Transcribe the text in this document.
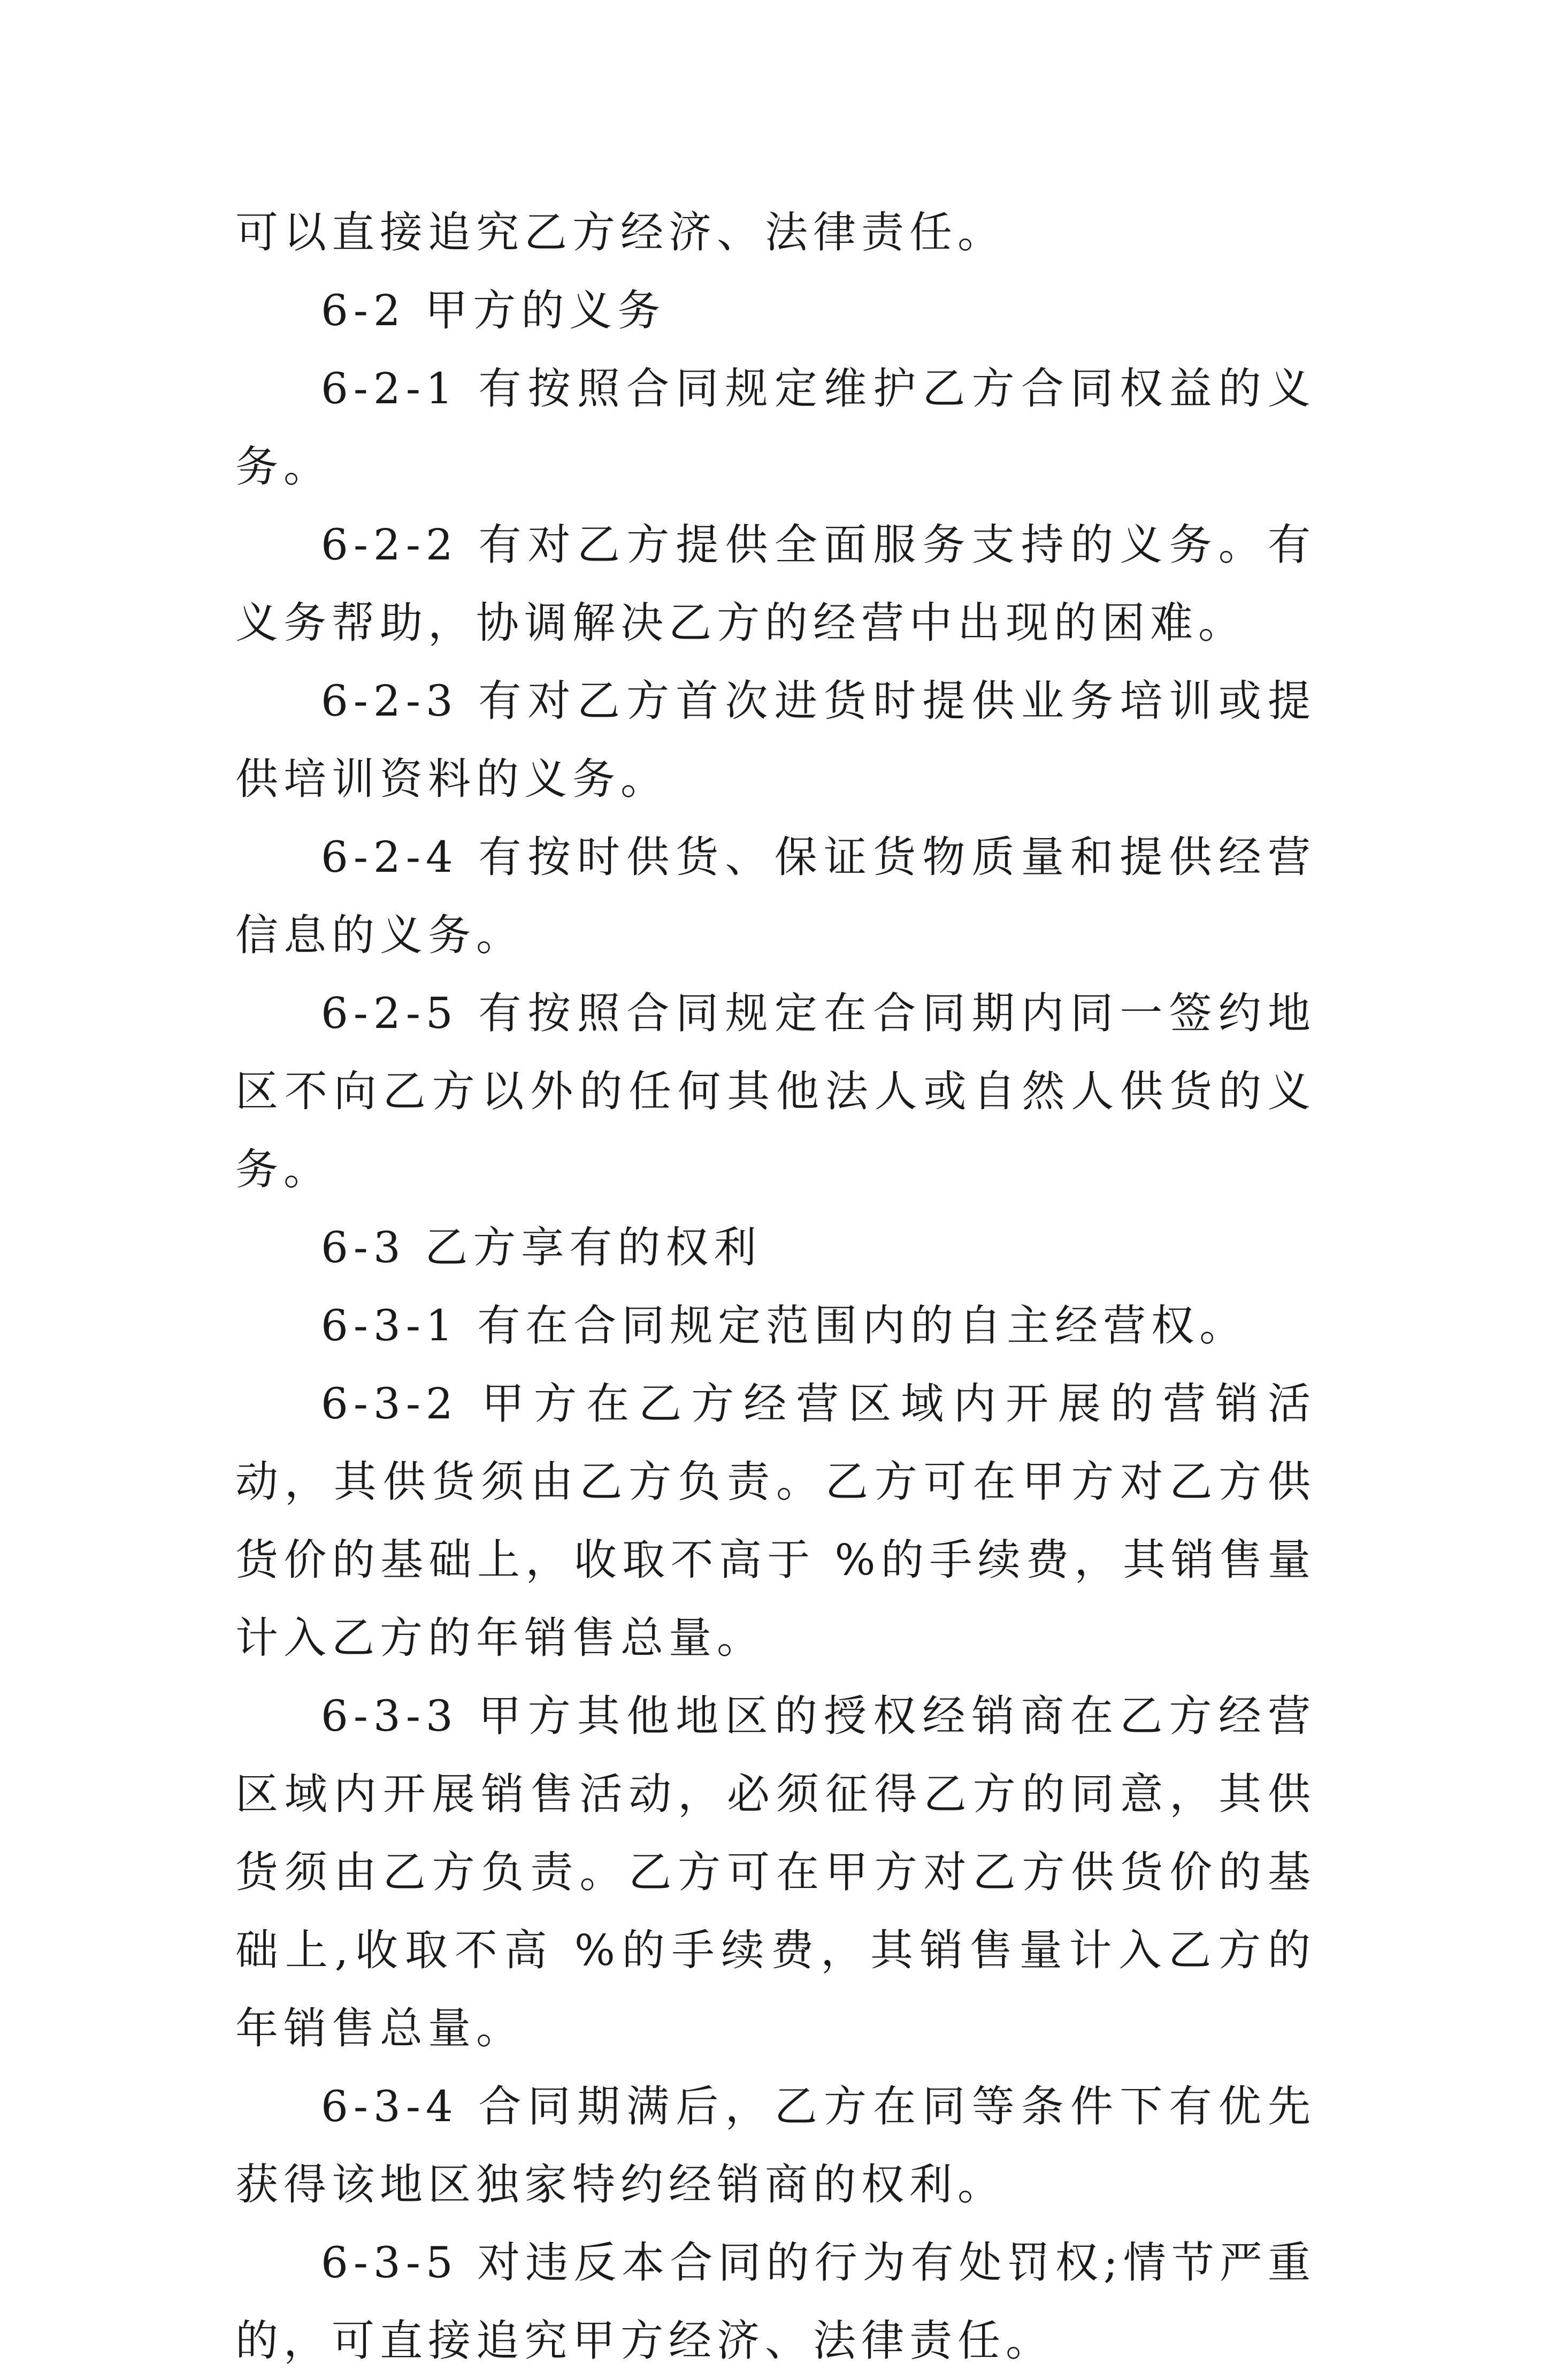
可以直接追究乙方经济、法律责任。

6-2 甲方的义务

6-2-1 有按照合同规定维护乙方合同权益的义务。

6-2-2 有对乙方提供全面服务支持的义务。有义务帮助，协调解决乙方的经营中出现的困难。

6-2-3 有对乙方首次进货时提供业务培训或提供培训资料的义务。

6-2-4 有按时供货、保证货物质量和提供经营信息的义务。

6-2-5 有按照合同规定在合同期内同一签约地区不向乙方以外的任何其他法人或自然人供货的义务。

6-3 乙方享有的权利

6-3-1 有在合同规定范围内的自主经营权。

6-3-2 甲方在乙方经营区域内开展的营销活动，其供货须由乙方负责。乙方可在甲方对乙方供货价的基础上，收取不高于 %的手续费，其销售量计入乙方的年销售总量。

6-3-3 甲方其他地区的授权经销商在乙方经营区域内开展销售活动，必须征得乙方的同意，其供货须由乙方负责。乙方可在甲方对乙方供货价的基础上,收取不高 %的手续费，其销售量计入乙方的年销售总量。

6-3-4 合同期满后，乙方在同等条件下有优先获得该地区独家特约经销商的权利。

6-3-5 对违反本合同的行为有处罚权;情节严重的，可直接追究甲方经济、法律责任。
